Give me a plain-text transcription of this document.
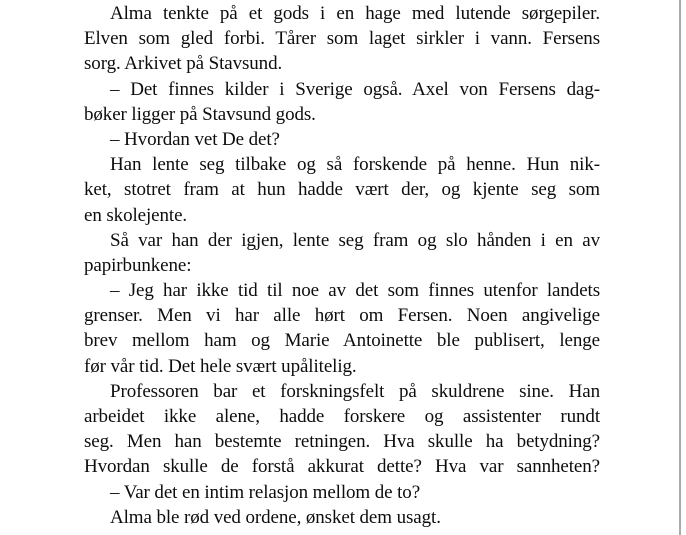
Alma tenkte på et gods i en hage med lutende sørgepiler.
Elven som gled forbi. Tårer som laget sirkler i vann. Fersens
sorg. Arkivet på Stavsund.
– Det finnes kilder i Sverige også. Axel von Fersens dag-
bøker ligger på Stavsund gods.
– Hvordan vet De det?
Han lente seg tilbake og så forskende på henne. Hun nik-
ket, stotret fram at hun hadde vært der, og kjente seg som
en skolejente.
Så var han der igjen, lente seg fram og slo hånden i en av
papirbunkene:
– Jeg har ikke tid til noe av det som finnes utenfor landets
grenser. Men vi har alle hørt om Fersen. Noen angivelige
brev mellom ham og Marie Antoinette ble publisert, lenge
før vår tid. Det hele svært upålitelig.
Professoren bar et forskningsfelt på skuldrene sine. Han
arbeidet ikke alene, hadde forskere og assistenter rundt
seg. Men han bestemte retningen. Hva skulle ha betydning?
Hvordan skulle de forstå akkurat dette? Hva var sannheten?
– Var det en intim relasjon mellom de to?
Alma ble rød ved ordene, ønsket dem usagt.
